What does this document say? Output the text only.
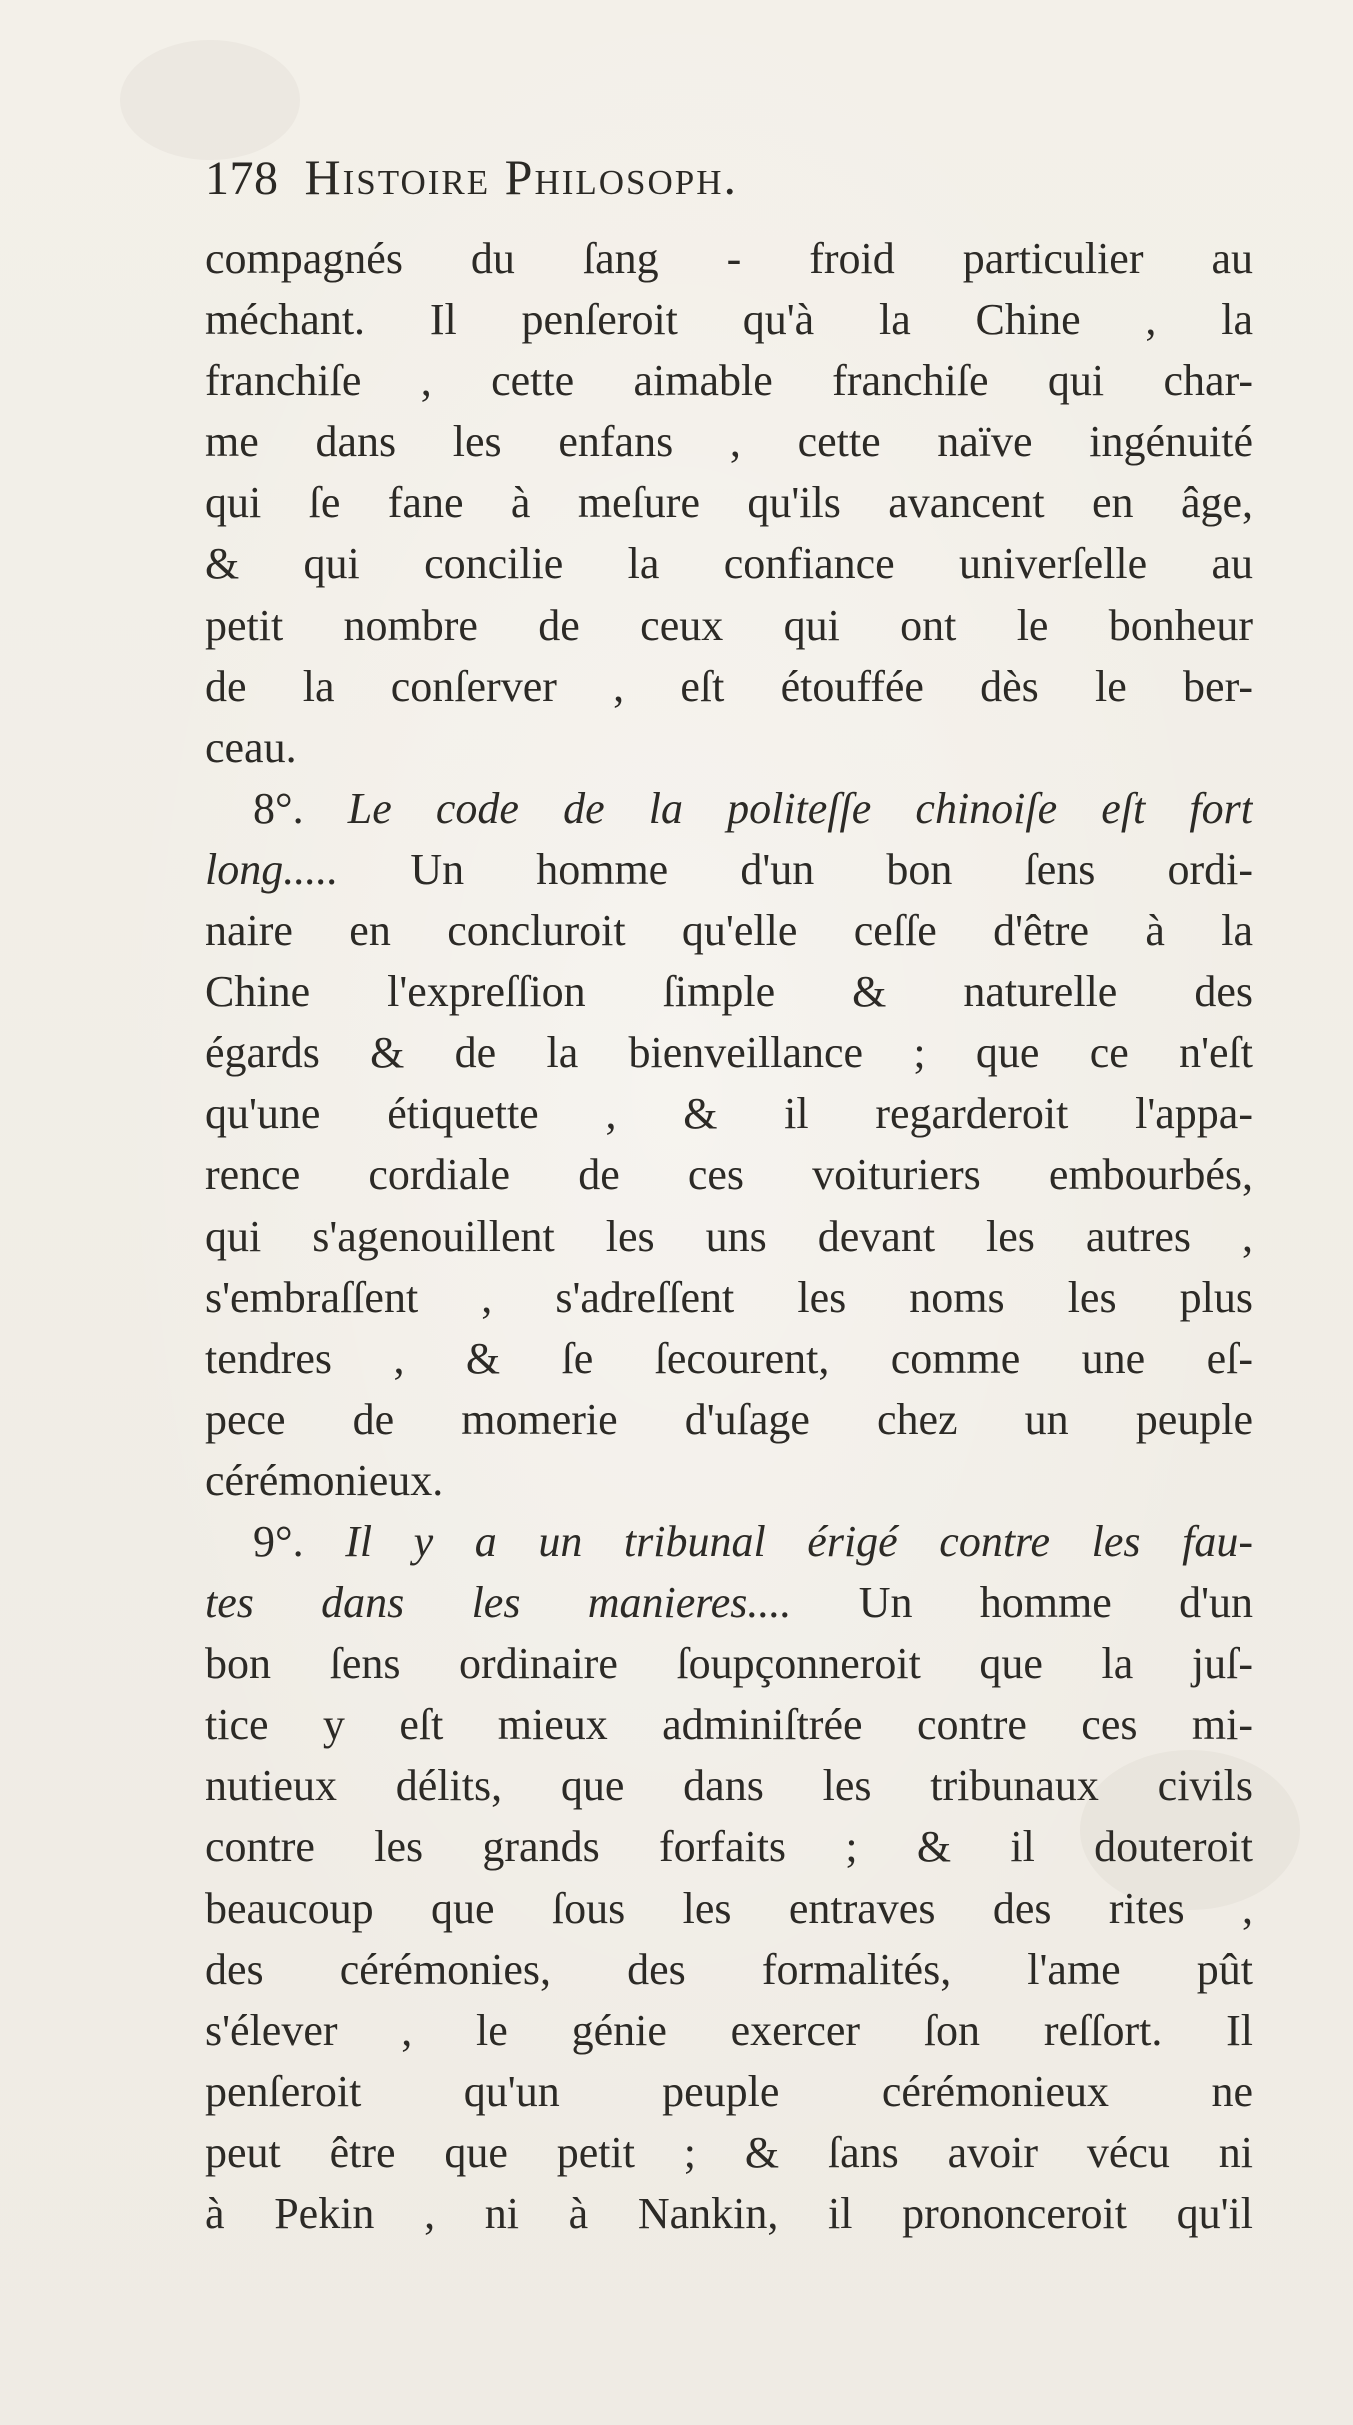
178 Histoire Philosoph.
compagnés du ſang - froid particulier au
méchant. Il penſeroit qu'à la Chine , la
franchiſe , cette aimable franchiſe qui char-
me dans les enfans , cette naïve ingénuité
qui ſe fane à meſure qu'ils avancent en âge,
& qui concilie la confiance univerſelle au
petit nombre de ceux qui ont le bonheur
de la conſerver , eſt étouffée dès le ber-
ceau.
8°. Le code de la politeſſe chinoiſe eſt fort
long..... Un homme d'un bon ſens ordi-
naire en concluroit qu'elle ceſſe d'être à la
Chine l'expreſſion ſimple & naturelle des
égards & de la bienveillance ; que ce n'eſt
qu'une étiquette , & il regarderoit l'appa-
rence cordiale de ces voituriers embourbés,
qui s'agenouillent les uns devant les autres ,
s'embraſſent , s'adreſſent les noms les plus
tendres , & ſe ſecourent, comme une eſ-
pece de momerie d'uſage chez un peuple
cérémonieux.
9°. Il y a un tribunal érigé contre les fau-
tes dans les manieres.... Un homme d'un
bon ſens ordinaire ſoupçonneroit que la juſ-
tice y eſt mieux adminiſtrée contre ces mi-
nutieux délits, que dans les tribunaux civils
contre les grands forfaits ; & il douteroit
beaucoup que ſous les entraves des rites ,
des cérémonies, des formalités, l'ame pût
s'élever , le génie exercer ſon reſſort. Il
penſeroit qu'un peuple cérémonieux ne
peut être que petit ; & ſans avoir vécu ni
à Pekin , ni à Nankin, il prononceroit qu'il
